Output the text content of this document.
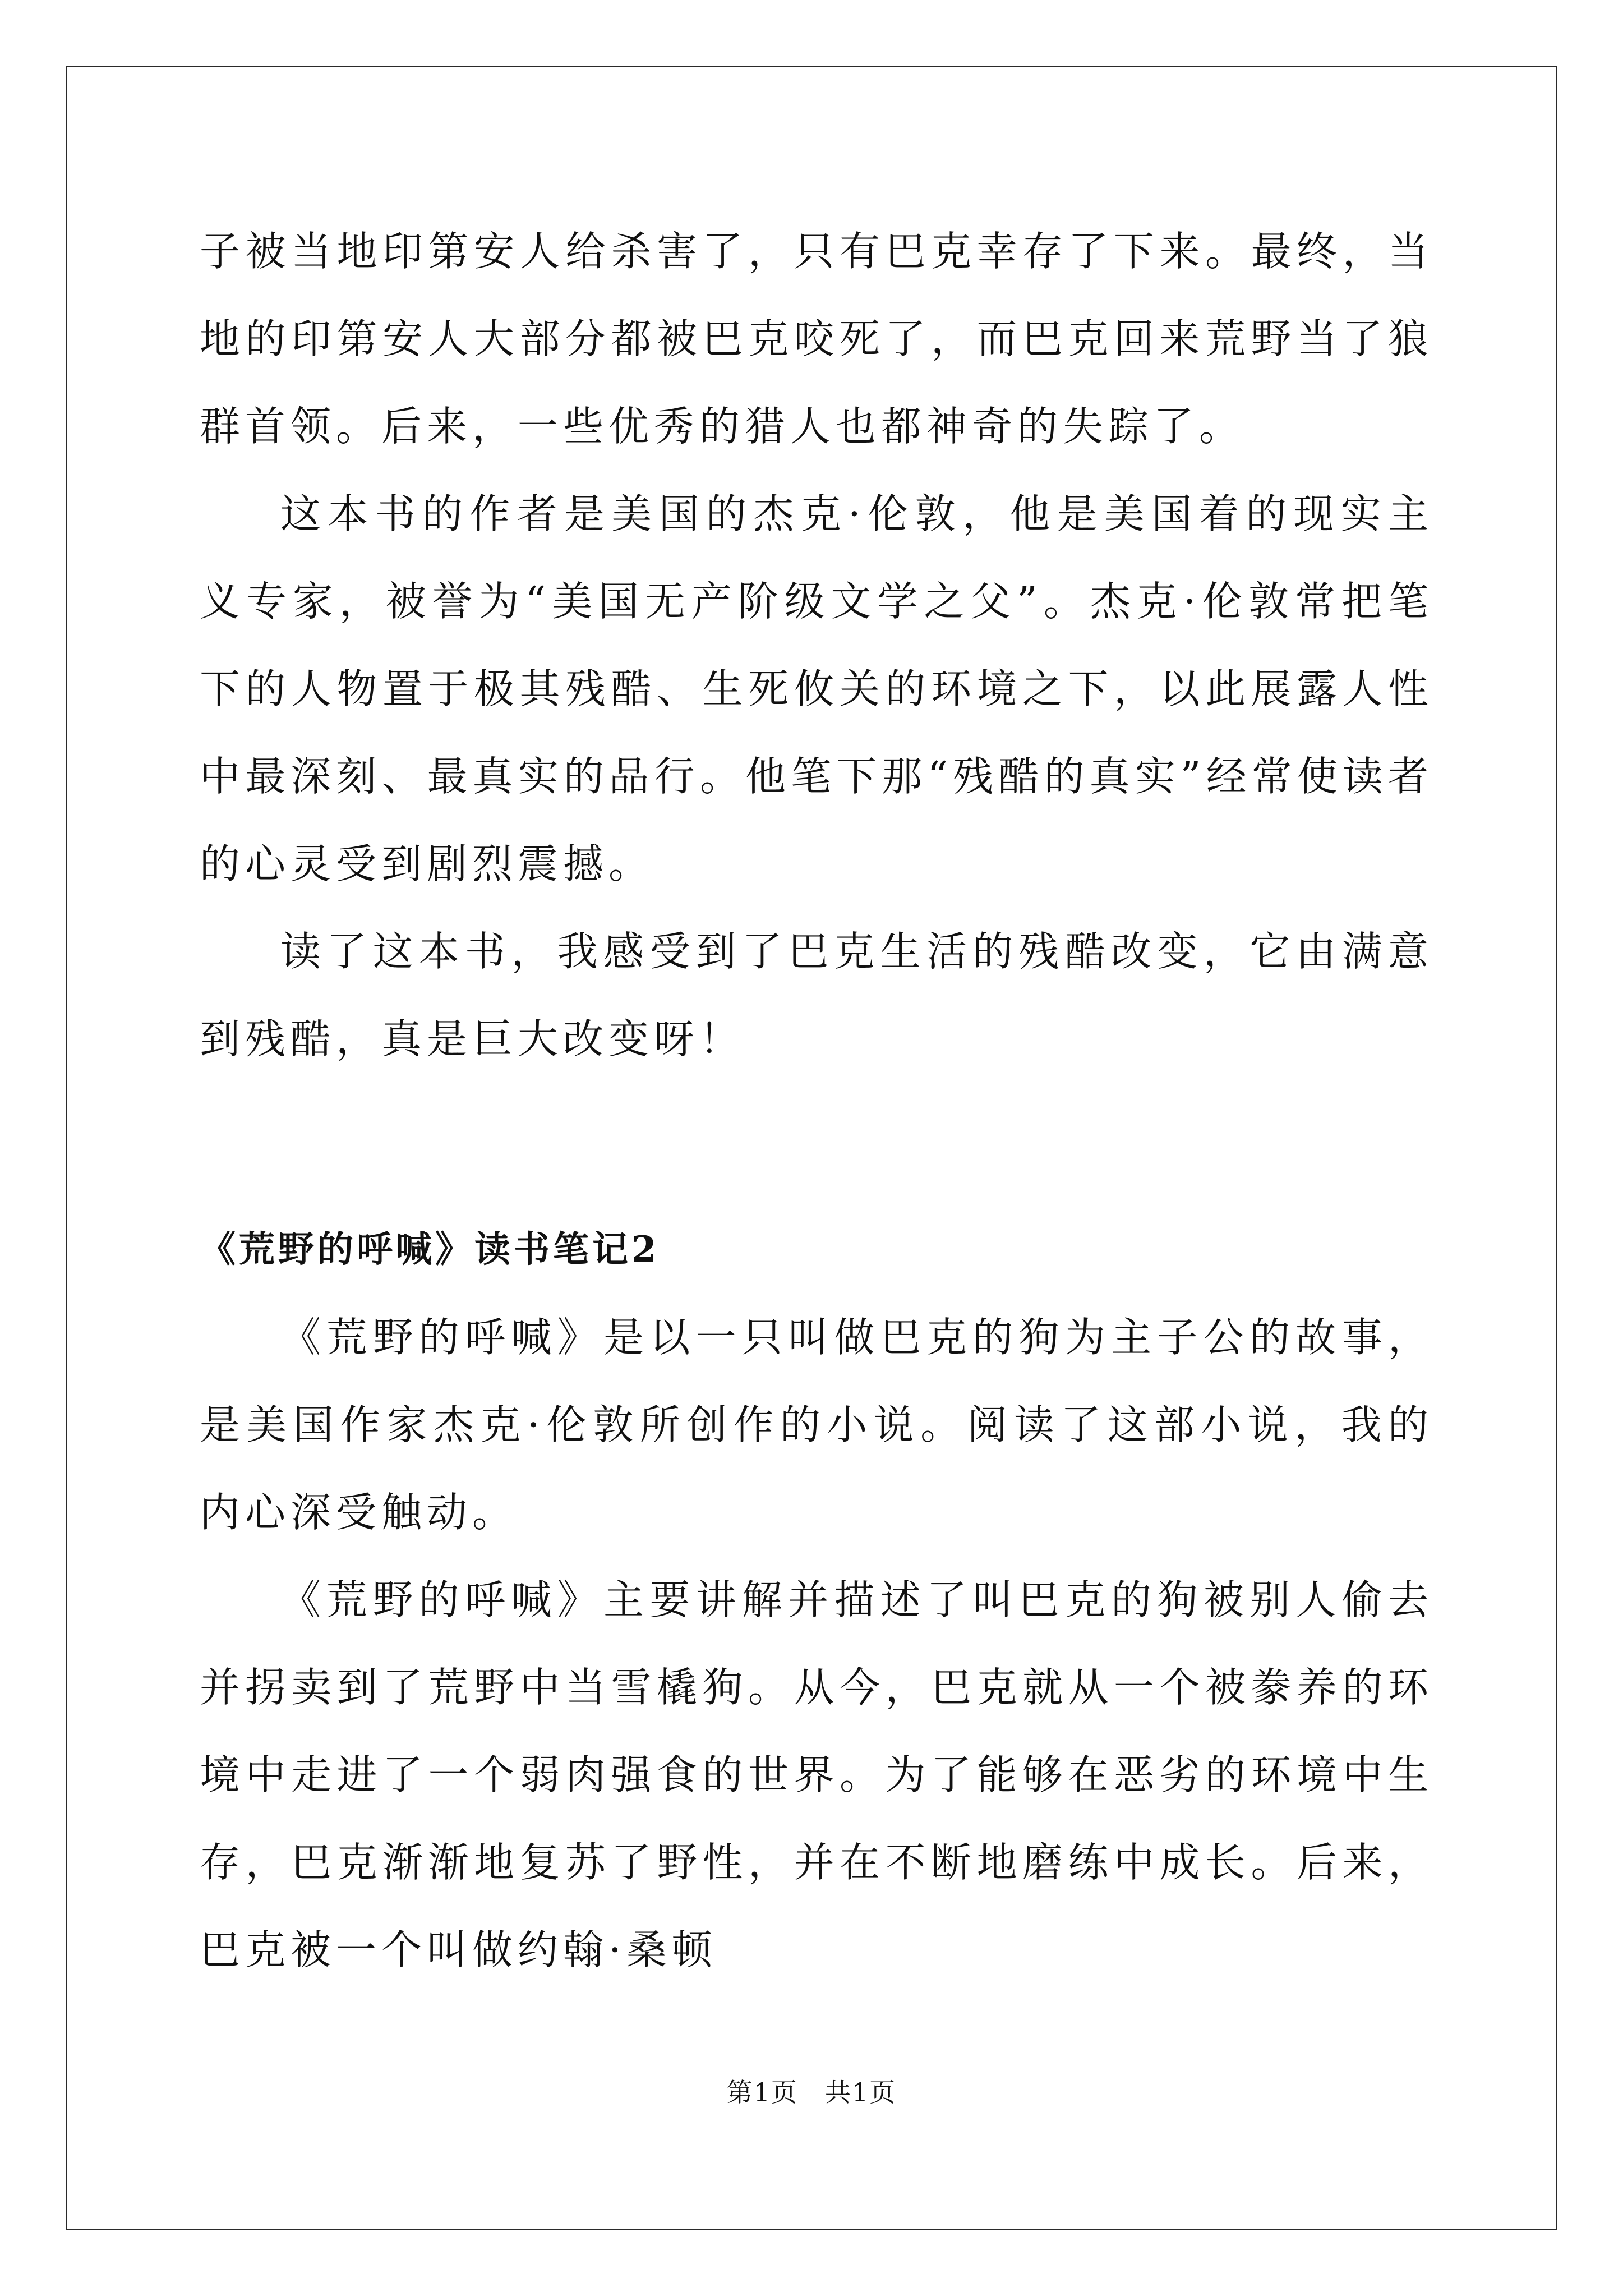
子被当地印第安人给杀害了，只有巴克幸存了下来。最终，当地的印第安人大部分都被巴克咬死了，而巴克回来荒野当了狼群首领。后来，一些优秀的猎人也都神奇的失踪了。

这本书的作者是美国的杰克·伦敦，他是美国着的现实主义专家，被誉为“美国无产阶级文学之父”。杰克·伦敦常把笔下的人物置于极其残酷、生死攸关的环境之下，以此展露人性中最深刻、最真实的品行。他笔下那“残酷的真实”经常使读者的心灵受到剧烈震撼。

读了这本书，我感受到了巴克生活的残酷改变，它由满意到残酷，真是巨大改变呀！

《荒野的呼喊》读书笔记2

《荒野的呼喊》是以一只叫做巴克的狗为主子公的故事，是美国作家杰克·伦敦所创作的小说。阅读了这部小说，我的内心深受触动。

《荒野的呼喊》主要讲解并描述了叫巴克的狗被别人偷去并拐卖到了荒野中当雪橇狗。从今，巴克就从一个被豢养的环境中走进了一个弱肉强食的世界。为了能够在恶劣的环境中生存，巴克渐渐地复苏了野性，并在不断地磨练中成长。后来，巴克被一个叫做约翰·桑顿

第1页　共1页
